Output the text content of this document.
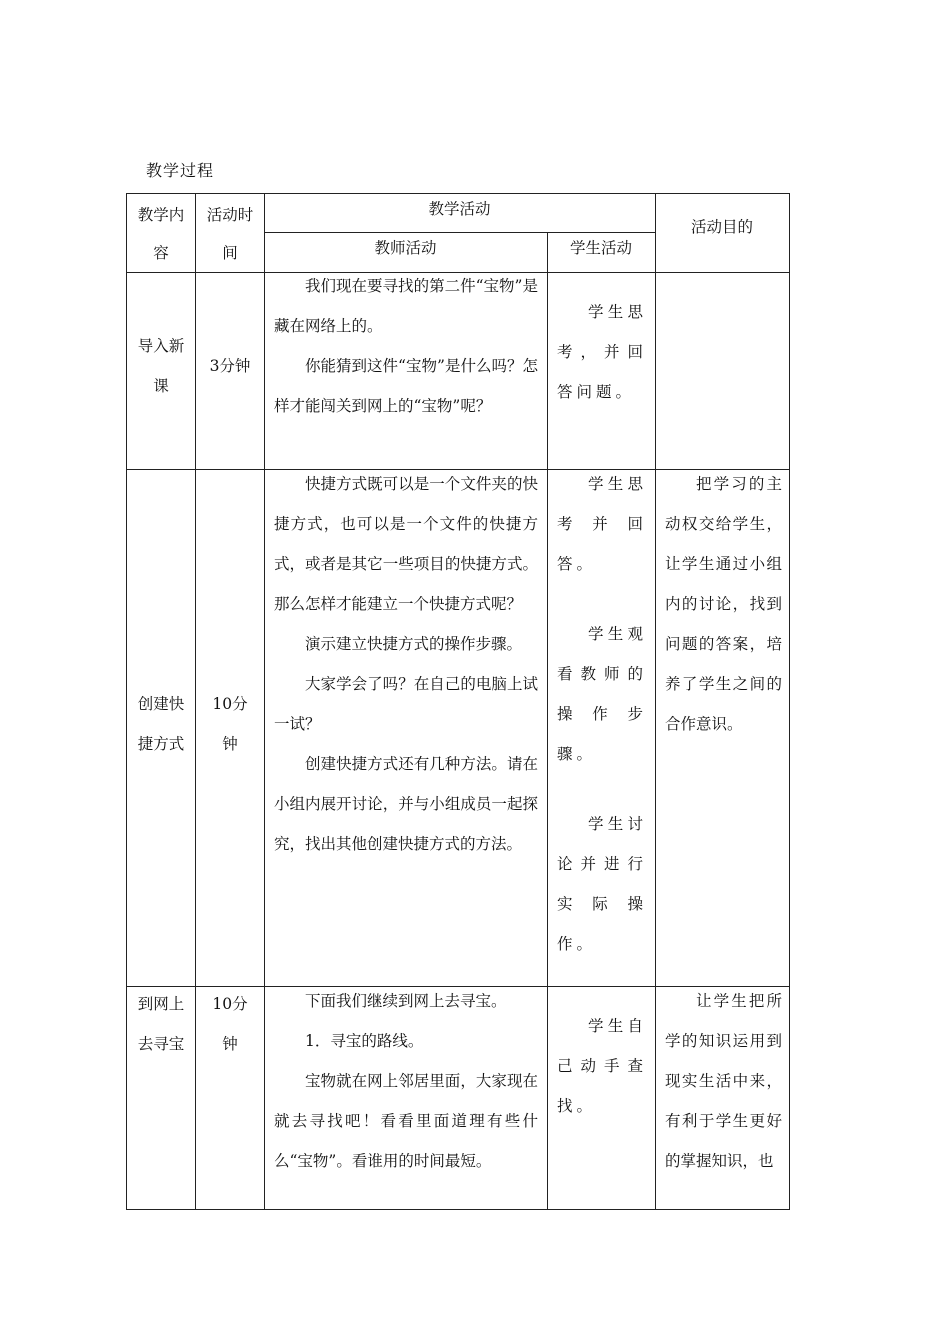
教学过程
教学内
容
活动时
间
教学活动
教师活动	学生活动
活动目的
导入新
课
3分钟
我们现在要寻找的第二件“宝物”是藏在网络上的。
你能猜到这件“宝物”是什么吗？怎样才能闯关到网上的“宝物”呢？
学生思考，并回答问题。
创建快
捷方式
10分
钟
快捷方式既可以是一个文件夹的快捷方式，也可以是一个文件的快捷方式，或者是其它一些项目的快捷方式。那么怎样才能建立一个快捷方式呢？
演示建立快捷方式的操作步骤。
大家学会了吗？在自己的电脑上试一试？
创建快捷方式还有几种方法。请在小组内展开讨论，并与小组成员一起探究，找出其他创建快捷方式的方法。
学生思考并回答。
学生观看教师的操作步骤。
学生讨论并进行实际操作。
把学习的主动权交给学生，让学生通过小组内的讨论，找到问题的答案，培养了学生之间的合作意识。
到网上
去寻宝
10分
钟
下面我们继续到网上去寻宝。
1．寻宝的路线。
宝物就在网上邻居里面，大家现在就去寻找吧！看看里面道理有些什么“宝物”。看谁用的时间最短。
学生自己动手查找。
让学生把所学的知识运用到现实生活中来，有利于学生更好的掌握知识，也
